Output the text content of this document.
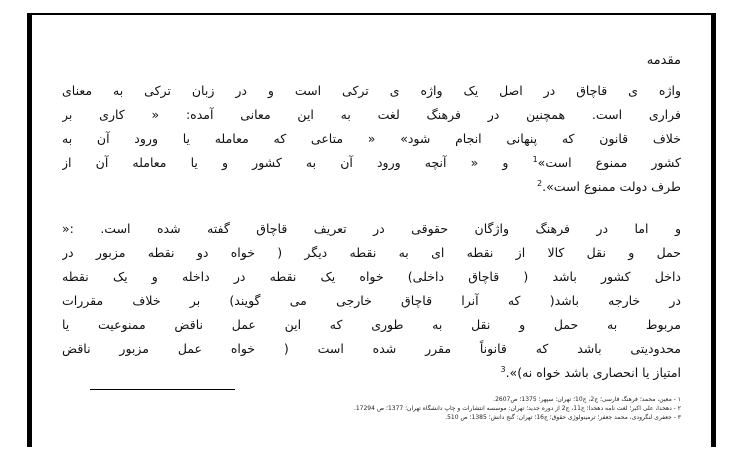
مقدمه
واژه ی قاچاق در اصل یک واژه ی ترکی است و در زبان ترکی به معنای
فراری است. همچنین در فرهنگ لغت به این معانی آمده: « کاری بر
خلاف قانون که پنهانی انجام شود» « متاعی که معامله یا ورود آن به
کشور ممنوع است»$^1$ و « آنچه ورود آن به کشور و یا معامله آن از
طرف دولت ممنوع است».$^2$
و اما در فرهنگ واژگان حقوقی در تعریف قاچاق گفته شده است. :«
حمل و نقل کالا از نقطه ای به نقطه دیگر ( خواه دو نقطه مزبور در
داخل کشور باشد ( قاچاق داخلی) خواه یک نقطه در داخله و یک نقطه
در خارجه باشد( که آنرا قاچاق خارجی می گویند) بر خلاف مقررات
مربوط به حمل و نقل به طوری که این عمل ناقض ممنوعیت یا
محدودیتی باشد که قانوناً مقرر شده است ( خواه عمل مزبور ناقض
امتیاز یا انحصاری باشد خواه نه)».$^3$
۱ - معین، محمد؛ فرهنگ فارسی؛ ج2، ج10؛ تهران: سپهر؛ 1375؛ ص2607.
۲ - دهخدا، علی اکبر؛ لغت نامه دهخدا؛ ج11، ج2 از دوره جدید؛ تهران: موسسه انتشارات و چاپ دانشگاه تهران؛ 1377؛ ص 17294.
۳ - جعفری لنگرودی، محمد جعفر؛ ترمینولوژی حقوق؛ ج16؛ تهران: گنج دانش؛ 1385؛ ص 510.
